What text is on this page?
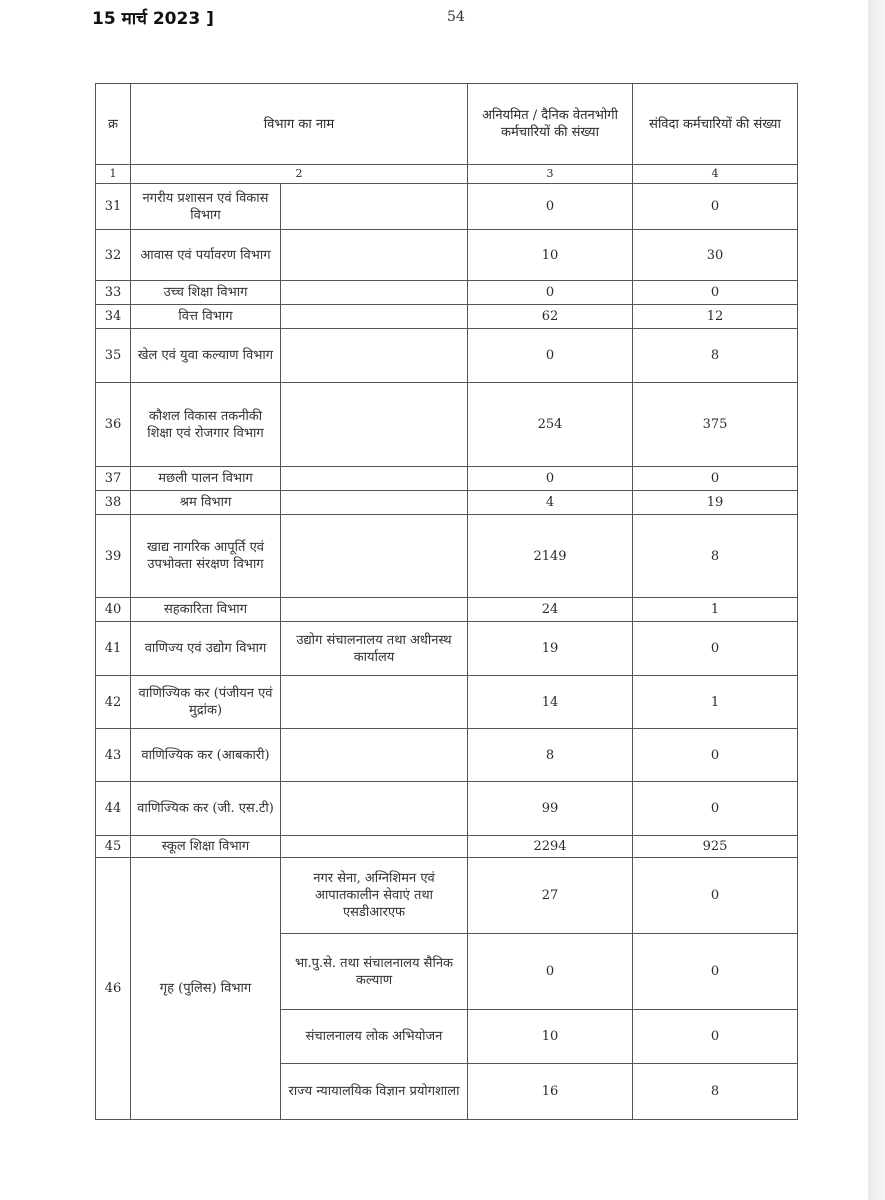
15 मार्च 2023 ]	54
क्र	विभाग का नाम		अनियमित / दैनिक वेतनभोगी कर्मचारियों की संख्या	संविदा कर्मचारियों की संख्या
1	2		3	4
31	नगरीय प्रशासन एवं विकास विभाग		0	0
32	आवास एवं पर्यावरण विभाग		10	30
33	उच्च शिक्षा विभाग		0	0
34	वित्त विभाग		62	12
35	खेल एवं युवा कल्याण विभाग		0	8
36	कौशल विकास तकनीकी शिक्षा एवं रोजगार विभाग		254	375
37	मछली पालन विभाग		0	0
38	श्रम विभाग		4	19
39	खाद्य नागरिक आपूर्ति एवं उपभोक्ता संरक्षण विभाग		2149	8
40	सहकारिता विभाग		24	1
41	वाणिज्य एवं उद्योग विभाग	उद्योग संचालनालय तथा अधीनस्थ कार्यालय	19	0
42	वाणिज्यिक कर (पंजीयन एवं मुद्रांक)		14	1
43	वाणिज्यिक कर (आबकारी)		8	0
44	वाणिज्यिक कर (जी. एस.टी)		99	0
45	स्कूल शिक्षा विभाग		2294	925
46	गृह (पुलिस) विभाग	नगर सेना, अग्निशिमन एवं आपातकालीन सेवाएं तथा एसडीआरएफ	27	0
		भा.पु.से. तथा संचालनालय सैनिक कल्याण	0	0
		संचालनालय लोक अभियोजन	10	0
		राज्य न्यायालयिक विज्ञान प्रयोगशाला	16	8
